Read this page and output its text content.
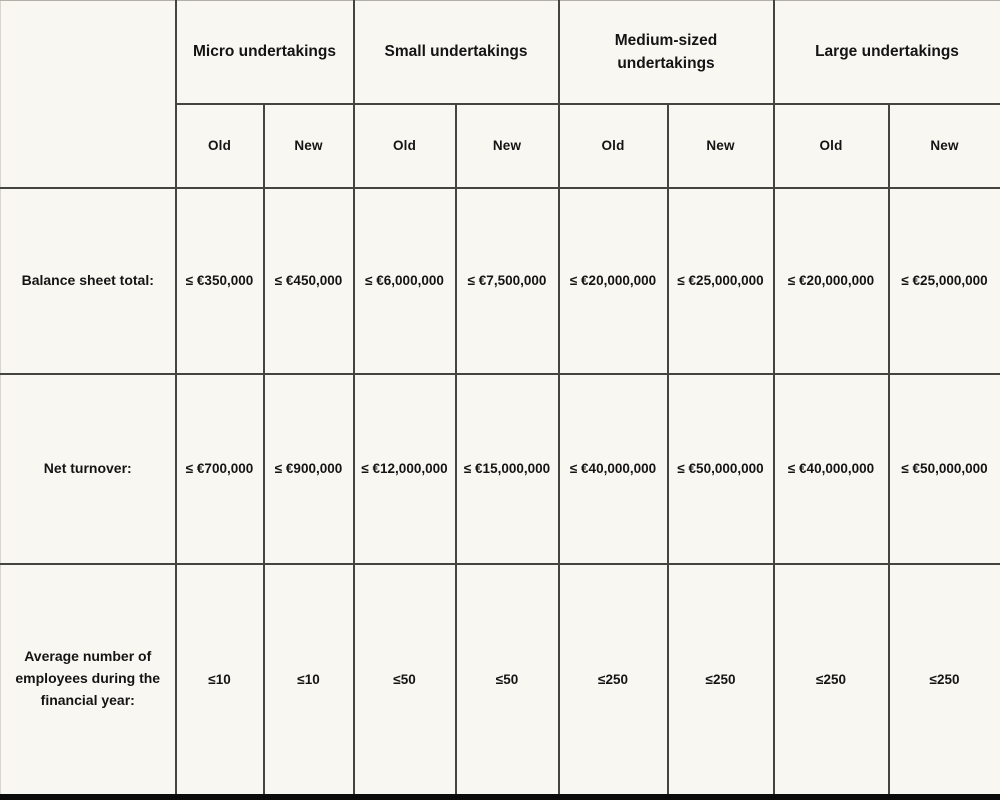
	Micro undertakings		Small undertakings		Medium-sized undertakings		Large undertakings	
	Old	New	Old	New	Old	New	Old	New
Balance sheet total:	≤ €350,000	≤ €450,000	≤ €6,000,000	≤ €7,500,000	≤ €20,000,000	≤ €25,000,000	≤ €20,000,000	≤ €25,000,000
Net turnover:	≤ €700,000	≤ €900,000	≤ €12,000,000	≤ €15,000,000	≤ €40,000,000	≤ €50,000,000	≤ €40,000,000	≤ €50,000,000
Average number of employees during the financial year:	≤10	≤10	≤50	≤50	≤250	≤250	≤250	≤250
